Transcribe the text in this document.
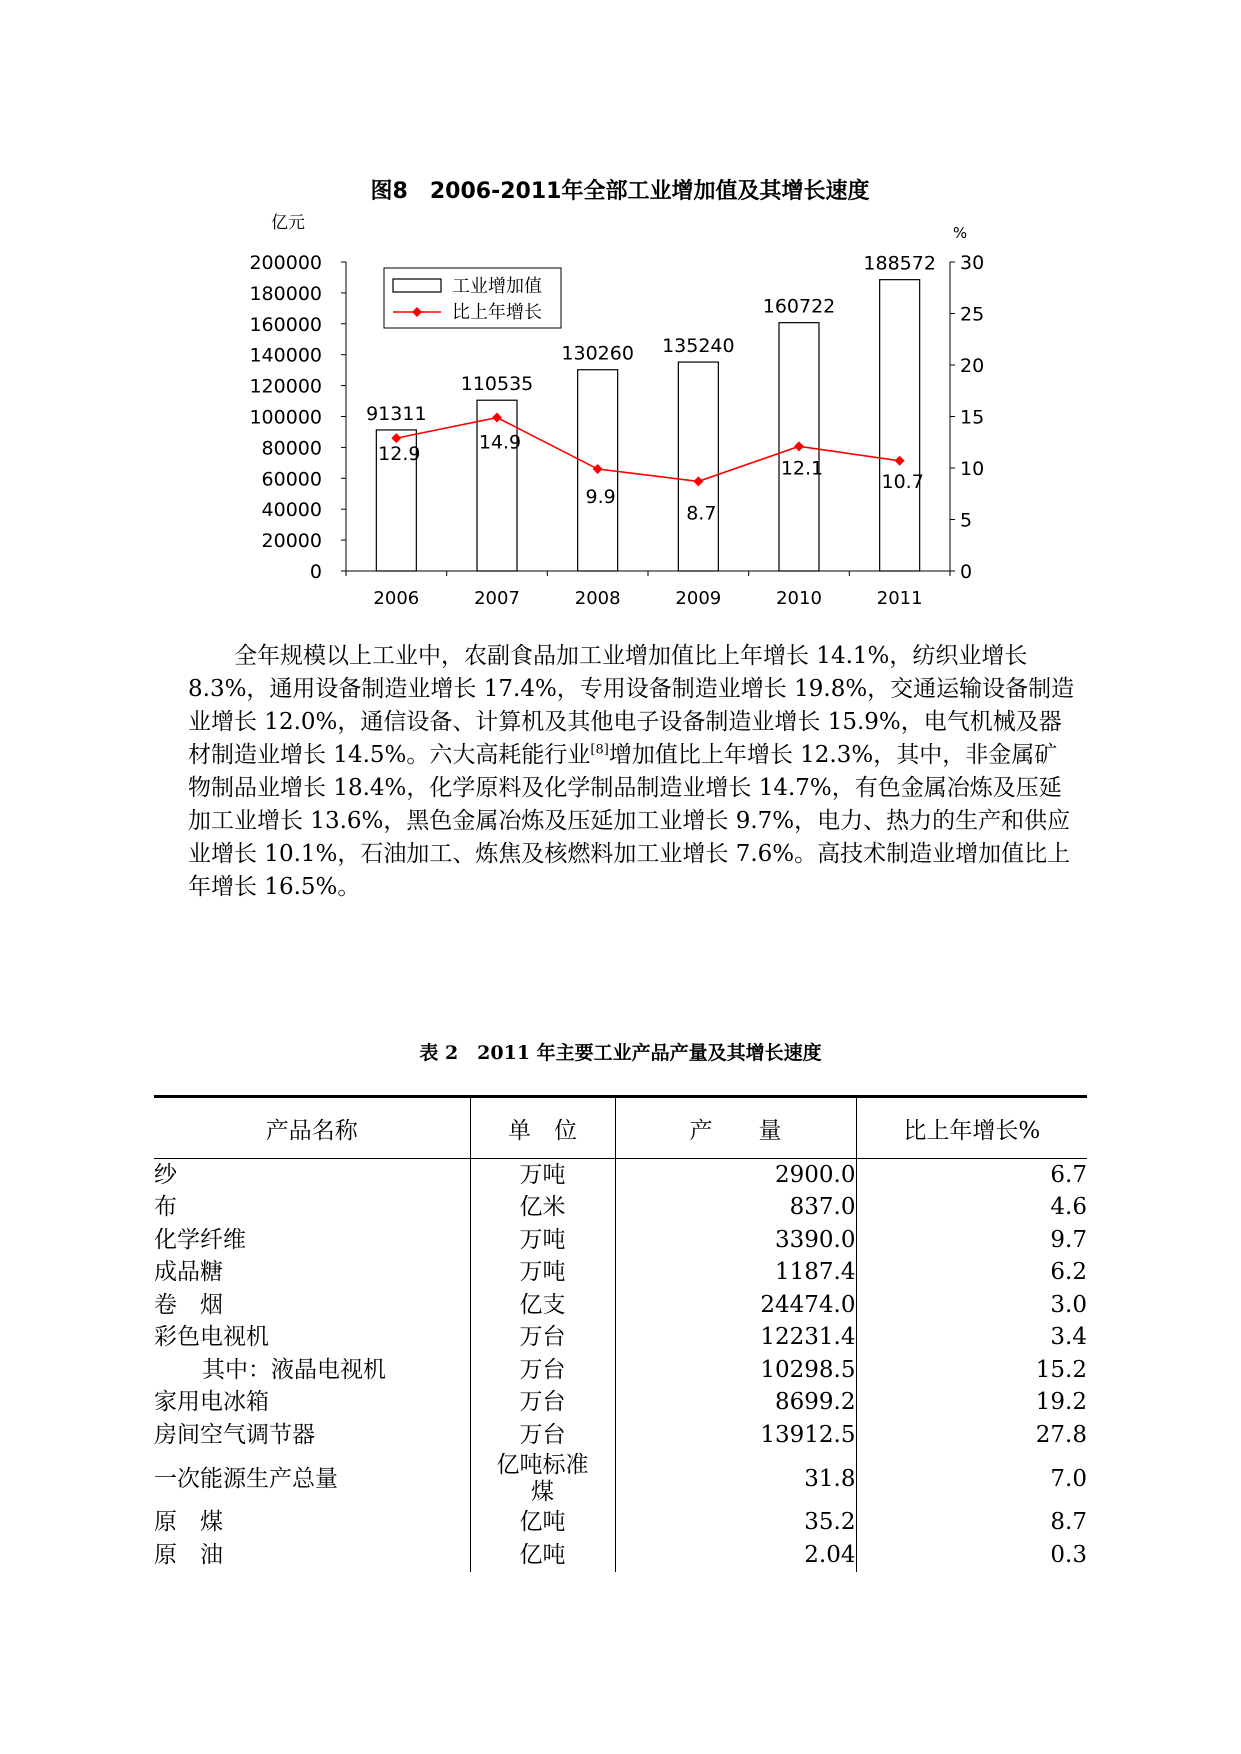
图8　2006-2011年全部工业增加值及其增长速度
亿元	%
200000
180000
160000
140000
120000
100000
80000
60000
40000
20000
0
30
25
20
15
10
5
0
2006	2007	2008	2009	2010	2011
91311
110535
130260 135240
160722
188572
12.9
14.9
9.9
8.7
12.1
10.7
工业增加值
比上年增长

全年规模以上工业中，农副食品加工业增加值比上年增长 14.1%，纺织业增长 8.3%，通用设备制造业增长 17.4%，专用设备制造业增长 19.8%，交通运输设备制造业增长 12.0%，通信设备、计算机及其他电子设备制造业增长 15.9%，电气机械及器材制造业增长 14.5%。六大高耗能行业[8]增加值比上年增长 12.3%，其中，非金属矿物制品业增长 18.4%，化学原料及化学制品制造业增长 14.7%，有色金属冶炼及压延加工业增长 13.6%，黑色金属冶炼及压延加工业增长 9.7%，电力、热力的生产和供应业增长 10.1%，石油加工、炼焦及核燃料加工业增长 7.6%。高技术制造业增加值比上年增长 16.5%。

表 2　2011 年主要工业产品产量及其增长速度
产品名称	单　位	产　　量	比上年增长%
纱	万吨	2900.0	6.7
布	亿米	837.0	4.6
化学纤维	万吨	3390.0	9.7
成品糖	万吨	1187.4	6.2
卷　烟	亿支	24474.0	3.0
彩色电视机	万台	12231.4	3.4
其中：液晶电视机	万台	10298.5	15.2
家用电冰箱	万台	8699.2	19.2
房间空气调节器	万台	13912.5	27.8
一次能源生产总量	亿吨标准煤	31.8	7.0
原　煤	亿吨	35.2	8.7
原　油	亿吨	2.04	0.3
